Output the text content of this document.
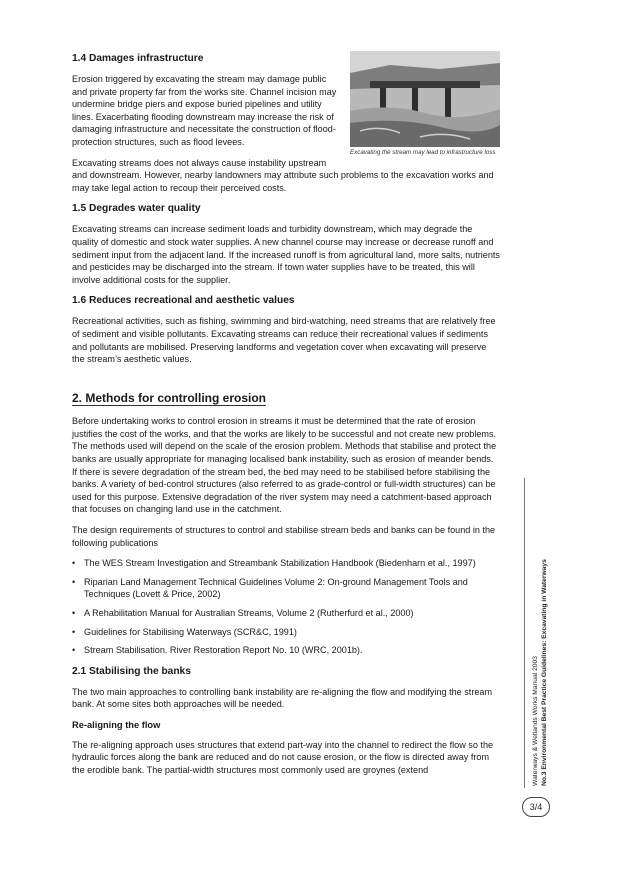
1.4 Damages infrastructure
Excavating the stream may lead to infrastructure loss

Erosion triggered by excavating the stream may damage public and private property far from the works site. Channel incision may undermine bridge piers and expose buried pipelines and utility lines. Exacerbating flooding downstream may increase the risk of damaging infrastructure and necessitate the construction of flood-protection structures, such as flood levees.

Excavating streams does not always cause instability upstream and downstream. However, nearby landowners may attribute such problems to the excavation works and may take legal action to recoup their perceived costs.

1.5 Degrades water quality

Excavating streams can increase sediment loads and turbidity downstream, which may degrade the quality of domestic and stock water supplies. A new channel course may increase or decrease runoff and sediment input from the adjacent land. If the increased runoff is from agricultural land, more salts, nutrients and pesticides may be discharged into the stream. If town water supplies have to be treated, this will involve additional costs for the supplier.

1.6 Reduces recreational and aesthetic values

Recreational activities, such as fishing, swimming and bird-watching, need streams that are relatively free of sediment and visible pollutants. Excavating streams can reduce their recreational values if sediments and pollutants are mobilised. Preserving landforms and vegetation cover when excavating will preserve the stream’s aesthetic values.

2. Methods for controlling erosion

Before undertaking works to control erosion in streams it must be determined that the rate of erosion justifies the cost of the works, and that the works are likely to be successful and not create new problems. The methods used will depend on the scale of the erosion problem. Methods that stabilise and protect the banks are usually appropriate for managing localised bank instability, such as erosion of meander bends. If there is severe degradation of the stream bed, the bed may need to be stabilised before stabilising the banks. A variety of bed-control structures (also referred to as grade-control or full-width structures) can be used for this purpose. Extensive degradation of the river system may need a catchment-based approach that focuses on changing land use in the catchment.

The design requirements of structures to control and stabilise stream beds and banks can be found in the following publications

• The WES Stream Investigation and Streambank Stabilization Handbook (Biedenharn et al., 1997)
• Riparian Land Management Technical Guidelines Volume 2: On-ground Management Tools and Techniques (Lovett & Price, 2002)
• A Rehabilitation Manual for Australian Streams, Volume 2 (Rutherfurd et al., 2000)
• Guidelines for Stabilising Waterways (SCR&C, 1991)
• Stream Stabilisation. River Restoration Report No. 10 (WRC, 2001b).
2.1 Stabilising the banks

The two main approaches to controlling bank instability are re-aligning the flow and modifying the stream bank. At some sites both approaches will be needed.

Re-aligning the flow

The re-aligning approach uses structures that extend part-way into the channel to redirect the flow so the hydraulic forces along the bank are reduced and do not cause erosion, or the flow is directed away from the erodible bank. The partial-width structures most commonly used are groynes (extend	Waterways & Wetlands Works Manual 2003 No.3 Environmental Best Practice Guidelines: Excavating in Waterways
3/4
